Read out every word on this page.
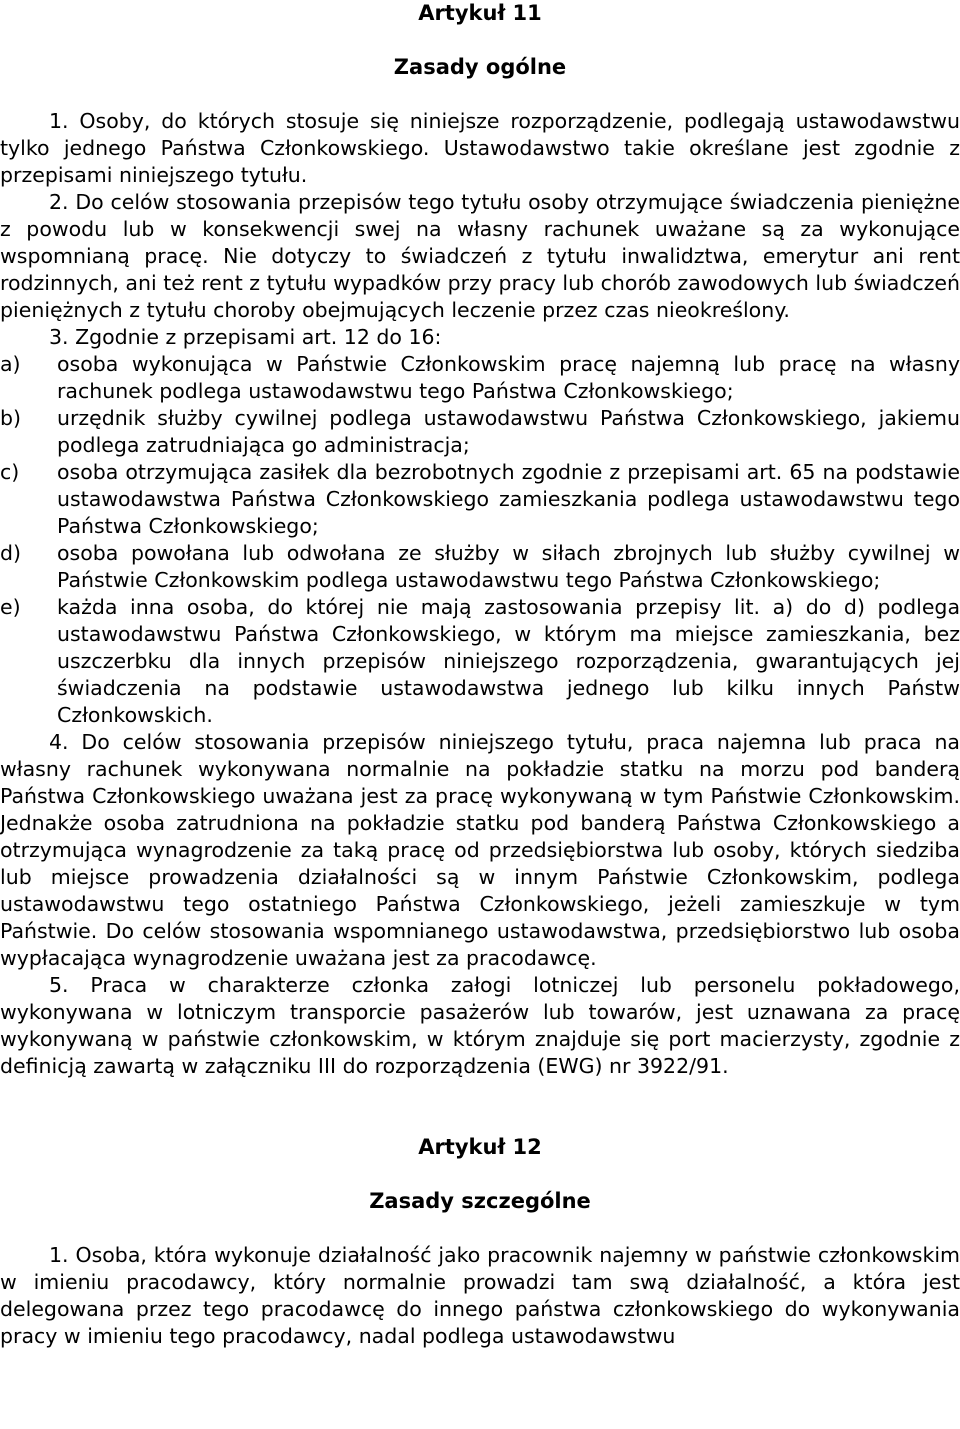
Artykuł 11
Zasady ogólne

1. Osoby, do których stosuje się niniejsze rozporządzenie, podlegają ustawodawstwu tylko jednego Państwa Członkowskiego. Ustawodawstwo takie określane jest zgodnie z przepisami niniejszego tytułu.

2. Do celów stosowania przepisów tego tytułu osoby otrzymujące świadczenia pieniężne z powodu lub w konsekwencji swej na własny rachunek uważane są za wykonujące wspomnianą pracę. Nie dotyczy to świadczeń z tytułu inwalidztwa, emerytur ani rent rodzinnych, ani też rent z tytułu wypadków przy pracy lub chorób zawodowych lub świadczeń pieniężnych z tytułu choroby obejmujących leczenie przez czas nieokreślony.

3. Zgodnie z przepisami art. 12 do 16:

a) osoba wykonująca w Państwie Członkowskim pracę najemną lub pracę na własny rachunek podlega ustawodawstwu tego Państwa Członkowskiego;
b) urzędnik służby cywilnej podlega ustawodawstwu Państwa Członkowskiego, jakiemu podlega zatrudniająca go administracja;
c) osoba otrzymująca zasiłek dla bezrobotnych zgodnie z przepisami art. 65 na podstawie ustawodawstwa Państwa Członkowskiego zamieszkania podlega ustawodawstwu tego Państwa Członkowskiego;
d) osoba powołana lub odwołana ze służby w siłach zbrojnych lub służby cywilnej w Państwie Członkowskim podlega ustawodawstwu tego Państwa Członkowskiego;
e) każda inna osoba, do której nie mają zastosowania przepisy lit. a) do d) podlega ustawodawstwu Państwa Członkowskiego, w którym ma miejsce zamieszkania, bez uszczerbku dla innych przepisów niniejszego rozporządzenia, gwarantujących jej świadczenia na podstawie ustawodawstwa jednego lub kilku innych Państw Członkowskich.

4. Do celów stosowania przepisów niniejszego tytułu, praca najemna lub praca na własny rachunek wykonywana normalnie na pokładzie statku na morzu pod banderą Państwa Członkowskiego uważana jest za pracę wykonywaną w tym Państwie Członkowskim. Jednakże osoba zatrudniona na pokładzie statku pod banderą Państwa Członkowskiego a otrzymująca wynagrodzenie za taką pracę od przedsiębiorstwa lub osoby, których siedziba lub miejsce prowadzenia działalności są w innym Państwie Członkowskim, podlega ustawodawstwu tego ostatniego Państwa Członkowskiego, jeżeli zamieszkuje w tym Państwie. Do celów stosowania wspomnianego ustawodawstwa, przedsiębiorstwo lub osoba wypłacająca wynagrodzenie uważana jest za pracodawcę.

5. Praca w charakterze członka załogi lotniczej lub personelu pokładowego, wykonywana w lotniczym transporcie pasażerów lub towarów, jest uznawana za pracę wykonywaną w państwie członkowskim, w którym znajduje się port macierzysty, zgodnie z definicją zawartą w załączniku III do rozporządzenia (EWG) nr 3922/91.

Artykuł 12
Zasady szczególne

1. Osoba, która wykonuje działalność jako pracownik najemny w państwie członkowskim w imieniu pracodawcy, który normalnie prowadzi tam swą działalność, a która jest delegowana przez tego pracodawcę do innego państwa członkowskiego do wykonywania pracy w imieniu tego pracodawcy, nadal podlega ustawodawstwu
